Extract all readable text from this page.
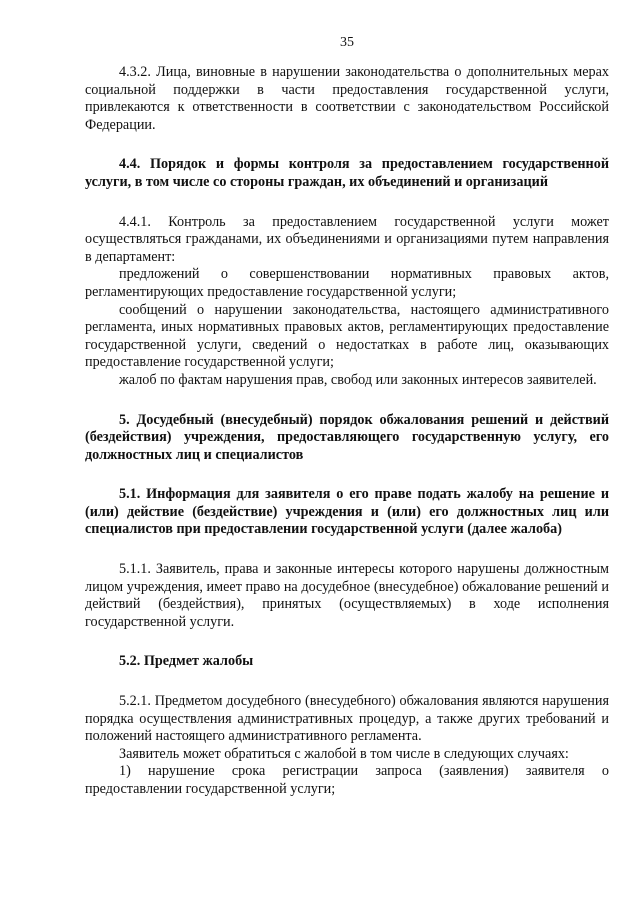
35

4.3.2. Лица, виновные в нарушении законодательства о дополнительных мерах социальной поддержки в части предоставления государственной услуги, привлекаются к ответственности в соответствии с законодательством Российской Федерации.

4.4. Порядок и формы контроля за предоставлением государственной услуги, в том числе со стороны граждан, их объединений и организаций

4.4.1. Контроль за предоставлением государственной услуги может осуществляться гражданами, их объединениями и организациями путем направления в департамент:

предложений о совершенствовании нормативных правовых актов, регламентирующих предоставление государственной услуги;

сообщений о нарушении законодательства, настоящего административного регламента, иных нормативных правовых актов, регламентирующих предоставление государственной услуги, сведений о недостатках в работе лиц, оказывающих предоставление государственной услуги;

жалоб по фактам нарушения прав, свобод или законных интересов заявителей.

5. Досудебный (внесудебный) порядок обжалования решений и действий (бездействия) учреждения, предоставляющего государственную услугу, его должностных лиц и специалистов

5.1. Информация для заявителя о его праве подать жалобу на решение и (или) действие (бездействие) учреждения и (или) его должностных лиц или специалистов при предоставлении государственной услуги (далее жалоба)

5.1.1. Заявитель, права и законные интересы которого нарушены должностным лицом учреждения, имеет право на досудебное (внесудебное) обжалование решений и действий (бездействия), принятых (осуществляемых) в ходе исполнения государственной услуги.

5.2. Предмет жалобы

5.2.1. Предметом досудебного (внесудебного) обжалования являются нарушения порядка осуществления административных процедур, а также других требований и положений настоящего административного регламента.

Заявитель может обратиться с жалобой в том числе в следующих случаях:

1) нарушение срока регистрации запроса (заявления) заявителя о предоставлении государственной услуги;
